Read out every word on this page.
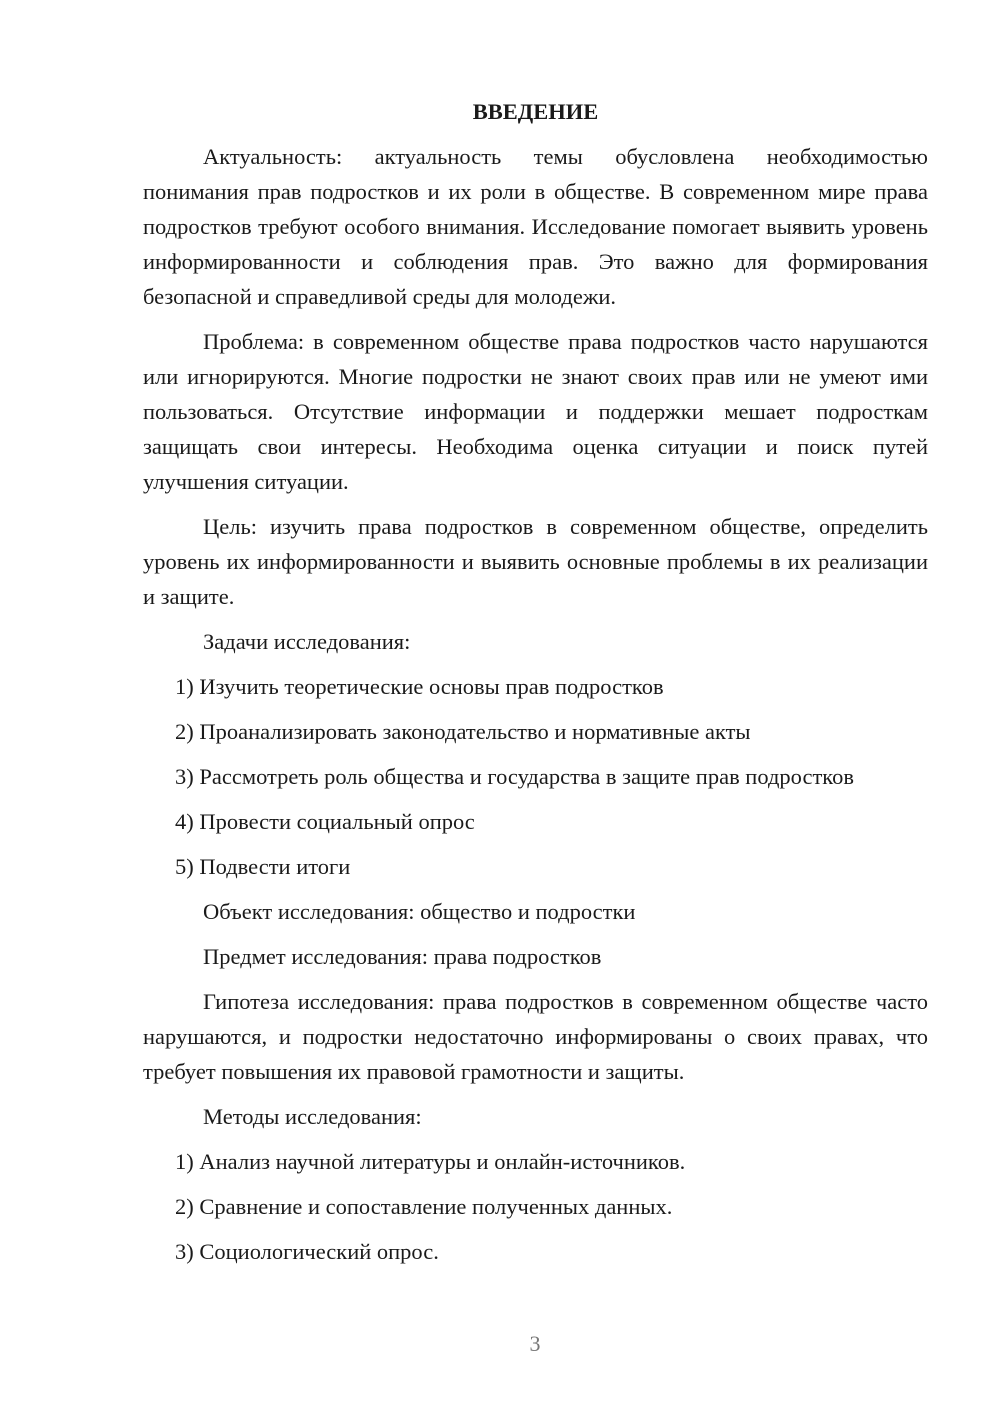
ВВЕДЕНИЕ
Актуальность: актуальность темы обусловлена необходимостью понимания прав подростков и их роли в обществе. В современном мире права подростков требуют особого внимания. Исследование помогает выявить уровень информированности и соблюдения прав. Это важно для формирования безопасной и справедливой среды для молодежи.
Проблема: в современном обществе права подростков часто нарушаются или игнорируются. Многие подростки не знают своих прав или не умеют ими пользоваться. Отсутствие информации и поддержки мешает подросткам защищать свои интересы. Необходима оценка ситуации и поиск путей улучшения ситуации.
Цель: изучить права подростков в современном обществе, определить уровень их информированности и выявить основные проблемы в их реализации и защите.
Задачи исследования:
1) Изучить теоретические основы прав подростков
2) Проанализировать законодательство и нормативные акты
3) Рассмотреть роль общества и государства в защите прав подростков
4) Провести социальный опрос
5) Подвести итоги
Объект исследования: общество и подростки
Предмет исследования: права подростков
Гипотеза исследования: права подростков в современном обществе часто нарушаются, и подростки недостаточно информированы о своих правах, что требует повышения их правовой грамотности и защиты.
Методы исследования:
1) Анализ научной литературы и онлайн-источников.
2) Сравнение и сопоставление полученных данных.
3) Социологический опрос.
3
